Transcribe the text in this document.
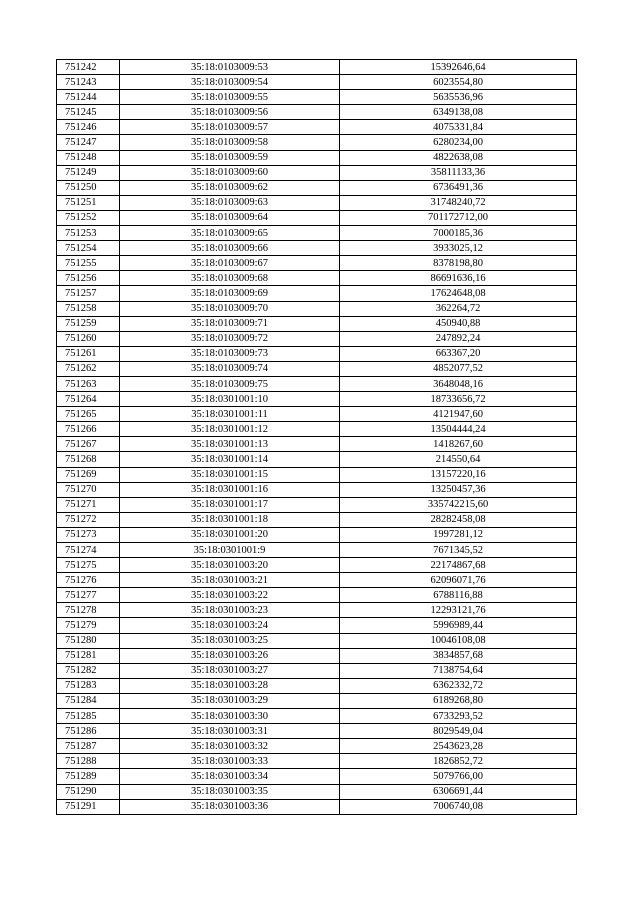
751242	35:18:0103009:53	15392646,64
751243	35:18:0103009:54	6023554,80
751244	35:18:0103009:55	5635536,96
751245	35:18:0103009:56	6349138,08
751246	35:18:0103009:57	4075331,84
751247	35:18:0103009:58	6280234,00
751248	35:18:0103009:59	4822638,08
751249	35:18:0103009:60	35811133,36
751250	35:18:0103009:62	6736491,36
751251	35:18:0103009:63	31748240,72
751252	35:18:0103009:64	701172712,00
751253	35:18:0103009:65	7000185,36
751254	35:18:0103009:66	3933025,12
751255	35:18:0103009:67	8378198,80
751256	35:18:0103009:68	86691636,16
751257	35:18:0103009:69	17624648,08
751258	35:18:0103009:70	362264,72
751259	35:18:0103009:71	450940,88
751260	35:18:0103009:72	247892,24
751261	35:18:0103009:73	663367,20
751262	35:18:0103009:74	4852077,52
751263	35:18:0103009:75	3648048,16
751264	35:18:0301001:10	18733656,72
751265	35:18:0301001:11	4121947,60
751266	35:18:0301001:12	13504444,24
751267	35:18:0301001:13	1418267,60
751268	35:18:0301001:14	214550,64
751269	35:18:0301001:15	13157220,16
751270	35:18:0301001:16	13250457,36
751271	35:18:0301001:17	335742215,60
751272	35:18:0301001:18	28282458,08
751273	35:18:0301001:20	1997281,12
751274	35:18:0301001:9	7671345,52
751275	35:18:0301003:20	22174867,68
751276	35:18:0301003:21	62096071,76
751277	35:18:0301003:22	6788116,88
751278	35:18:0301003:23	12293121,76
751279	35:18:0301003:24	5996989,44
751280	35:18:0301003:25	10046108,08
751281	35:18:0301003:26	3834857,68
751282	35:18:0301003:27	7138754,64
751283	35:18:0301003:28	6362332,72
751284	35:18:0301003:29	6189268,80
751285	35:18:0301003:30	6733293,52
751286	35:18:0301003:31	8029549,04
751287	35:18:0301003:32	2543623,28
751288	35:18:0301003:33	1826852,72
751289	35:18:0301003:34	5079766,00
751290	35:18:0301003:35	6306691,44
751291	35:18:0301003:36	7006740,08
